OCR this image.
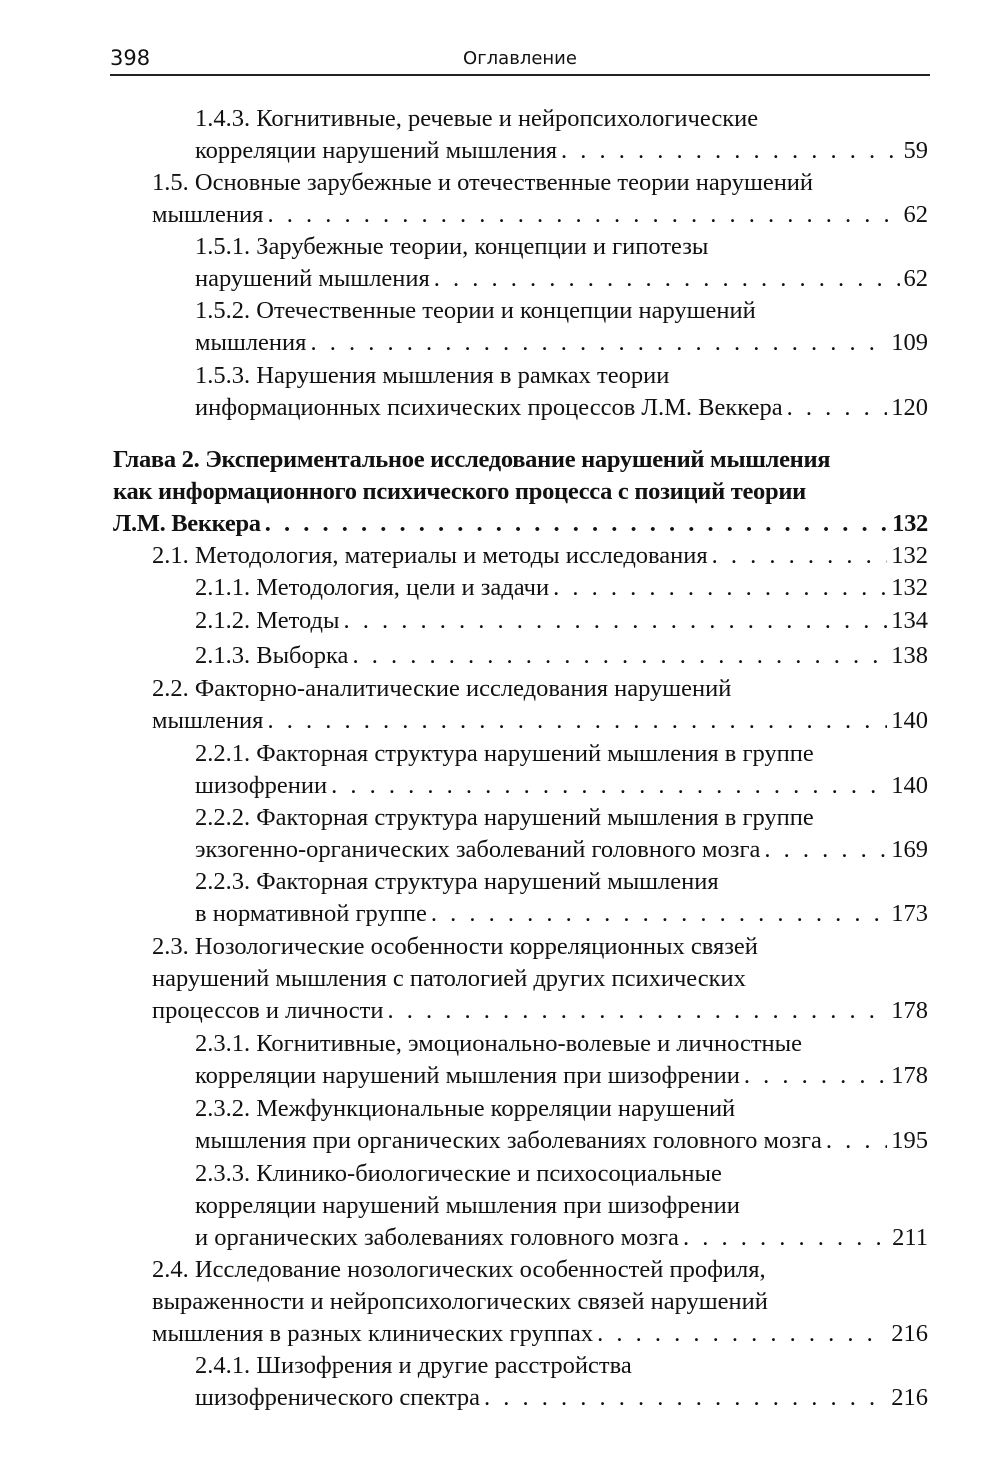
398	Оглавление
1.4.3. Когнитивные, речевые и нейропсихологические
корреляции нарушений мышления . . .	59
1.5. Основные зарубежные и отечественные теории нарушений
мышления . . .	62
1.5.1. Зарубежные теории, концепции и гипотезы
нарушений мышления . . .	62
1.5.2. Отечественные теории и концепции нарушений
мышления . . .	109
1.5.3. Нарушения мышления в рамках теории
информационных психических процессов Л.М. Веккера . . .	120
Глава 2. Экспериментальное исследование нарушений мышления
как информационного психического процесса с позиций теории
Л.М. Веккера . . .	132
2.1. Методология, материалы и методы исследования . . .	132
2.1.1. Методология, цели и задачи . . .	132
2.1.2. Методы . . .	134
2.1.3. Выборка . . .	138
2.2. Факторно-аналитические исследования нарушений
мышления . . .	140
2.2.1. Факторная структура нарушений мышления в группе
шизофрении . . .	140
2.2.2. Факторная структура нарушений мышления в группе
экзогенно-органических заболеваний головного мозга . . .	169
2.2.3. Факторная структура нарушений мышления
в нормативной группе . . .	173
2.3. Нозологические особенности корреляционных связей
нарушений мышления с патологией других психических
процессов и личности . . .	178
2.3.1. Когнитивные, эмоционально-волевые и личностные
корреляции нарушений мышления при шизофрении . . .	178
2.3.2. Межфункциональные корреляции нарушений
мышления при органических заболеваниях головного мозга . . .	195
2.3.3. Клинико-биологические и психосоциальные
корреляции нарушений мышления при шизофрении
и органических заболеваниях головного мозга . . .	211
2.4. Исследование нозологических особенностей профиля,
выраженности и нейропсихологических связей нарушений
мышления в разных клинических группах . . .	216
2.4.1. Шизофрения и другие расстройства
шизофренического спектра . . .	216
